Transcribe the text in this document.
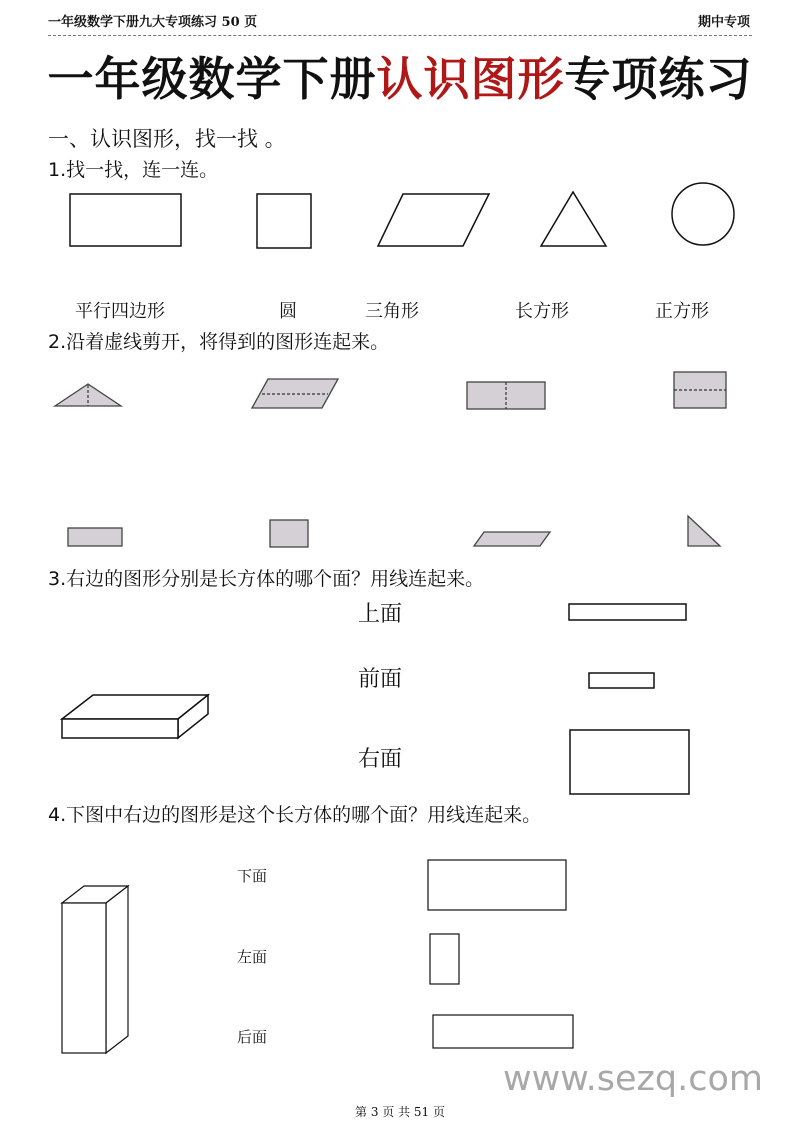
一年级数学下册九大专项练习 50 页	期中专项
一年级数学下册认识图形专项练习
一、认识图形，找一找 。
1.找一找，连一连。
平行四边形	圆	三角形	长方形	正方形
2.沿着虚线剪开，将得到的图形连起来。
3.右边的图形分别是长方体的哪个面？用线连起来。
上面
前面
右面
4.下图中右边的图形是这个长方体的哪个面？用线连起来。
下面
左面
后面
www.sezq.com
第 3 页 共 51 页
